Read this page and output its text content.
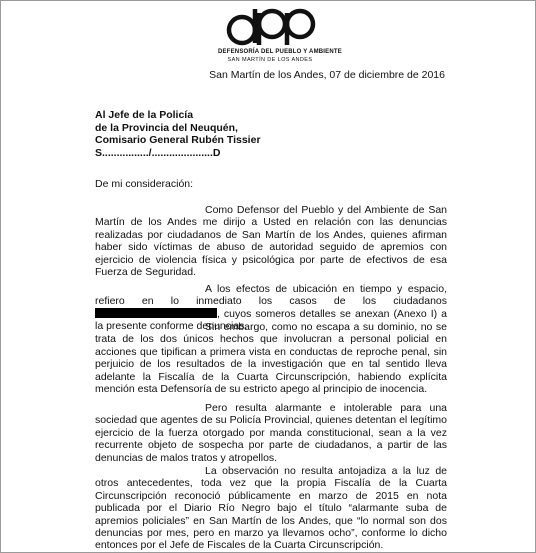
DEFENSORÍA DEL PUEBLO Y AMBIENTE
SAN MARTÍN DE LOS ANDES
San Martín de los Andes, 07 de diciembre de 2016
Al Jefe de la Policía
de la Provincia del Neuquén,
Comisario General Rubén Tissier
S................/.....................D
De mi consideración:
Como Defensor del Pueblo y del Ambiente de San Martín de los Andes me dirijo a Usted en relación con las denuncias realizadas por ciudadanos de San Martín de los Andes, quienes afirman haber sido víctimas de abuso de autoridad seguido de apremios con ejercicio de violencia física y psicológica por parte de efectivos de esa Fuerza de Seguridad.
A los efectos de ubicación en tiempo y espacio, refiero en lo inmediato los casos de los ciudadanos , cuyos someros detalles se anexan (Anexo I) a la presente conforme denuncias.
Sin embargo, como no escapa a su dominio, no se trata de los dos únicos hechos que involucran a personal policial en acciones que tipifican a primera vista en conductas de reproche penal, sin perjuicio de los resultados de la investigación que en tal sentido lleva adelante la Fiscalía de la Cuarta Circunscripción, habiendo explícita mención esta Defensoría de su estricto apego al principio de inocencia.
Pero resulta alarmante e intolerable para una sociedad que agentes de su Policía Provincial, quienes detentan el legítimo ejercicio de la fuerza otorgado por manda constitucional, sean a la vez recurrente objeto de sospecha por parte de ciudadanos, a partir de las denuncias de malos tratos y atropellos.
La observación no resulta antojadiza a la luz de otros antecedentes, toda vez que la propia Fiscalía de la Cuarta Circunscripción reconoció públicamente en marzo de 2015 en nota publicada por el Diario Río Negro bajo el título “alarmante suba de apremios policiales” en San Martín de los Andes, que “lo normal son dos denuncias por mes, pero en marzo ya llevamos ocho”, conforme lo dicho entonces por el Jefe de Fiscales de la Cuarta Circunscripción.
